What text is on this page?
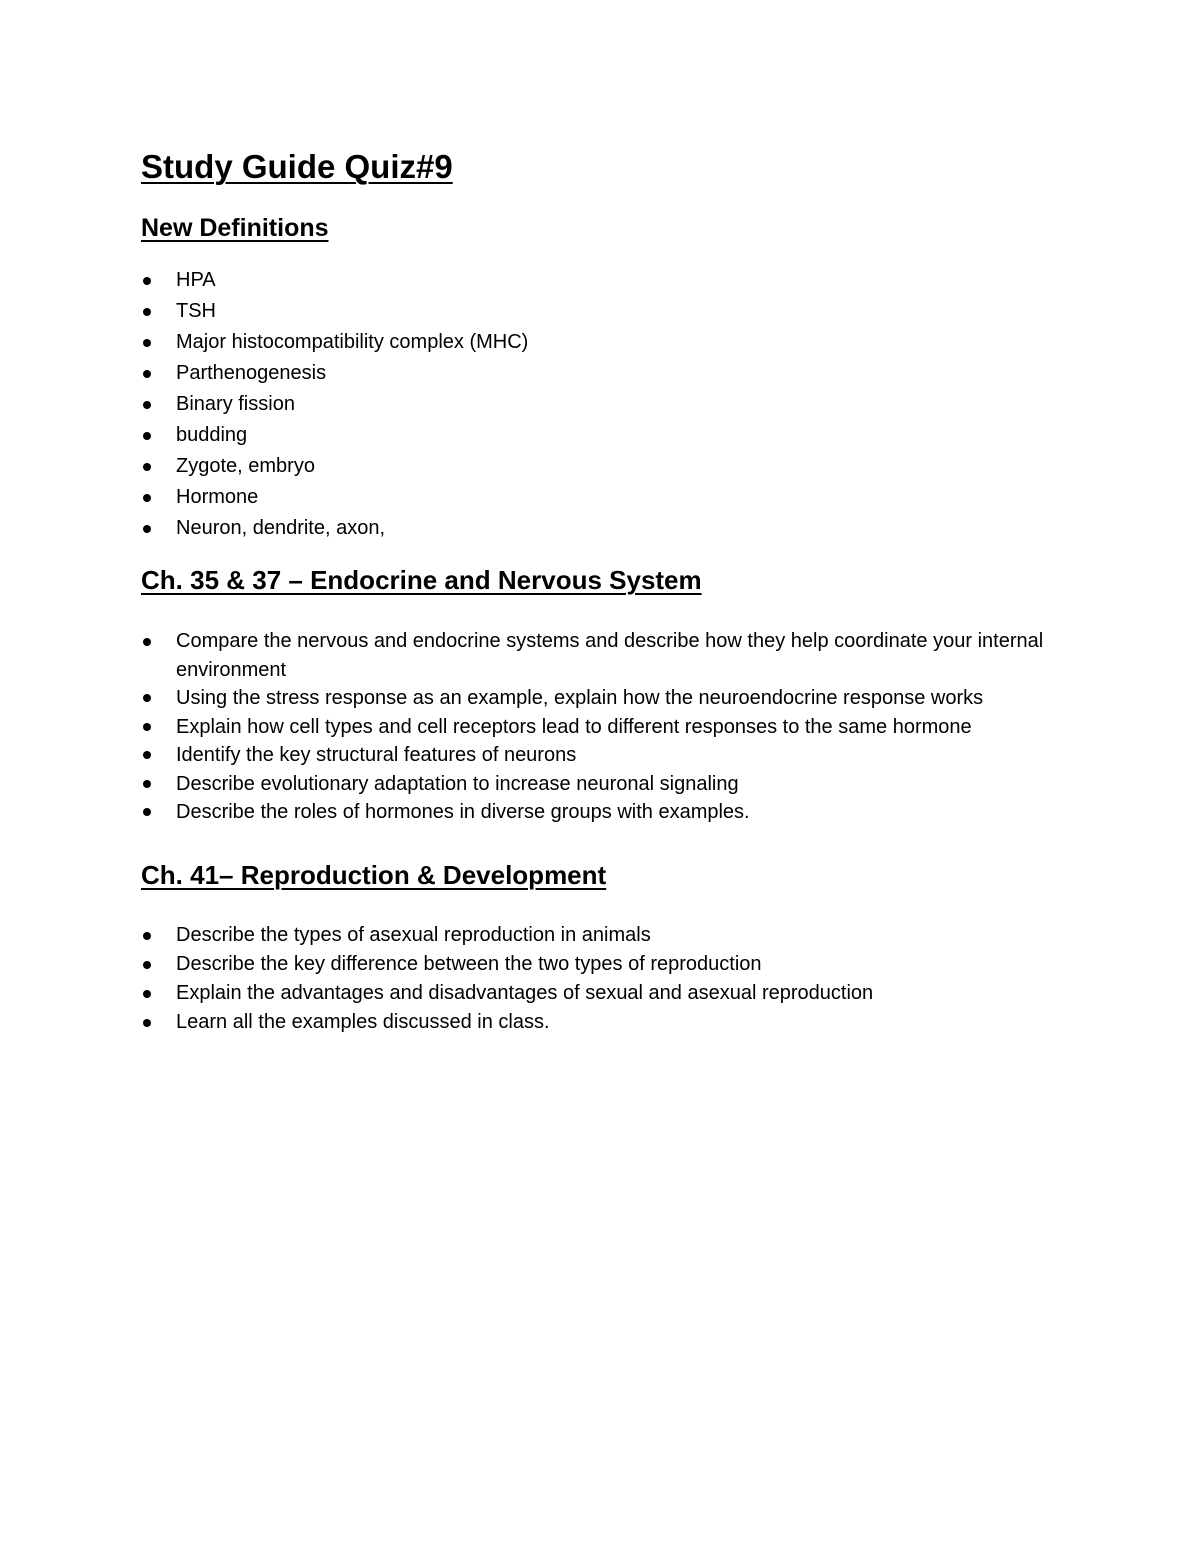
Study Guide Quiz#9
New Definitions
HPA
TSH
Major histocompatibility complex (MHC)
Parthenogenesis
Binary fission
budding
Zygote, embryo
Hormone
Neuron, dendrite, axon,
Ch. 35 & 37 – Endocrine and Nervous System
Compare the nervous and endocrine systems and describe how they help coordinate your internal environment
Using the stress response as an example, explain how the neuroendocrine response works
Explain how cell types and cell receptors lead to different responses to the same hormone
Identify the key structural features of neurons
Describe evolutionary adaptation to increase neuronal signaling
Describe the roles of hormones in diverse groups with examples.
Ch. 41– Reproduction & Development
Describe the types of asexual reproduction in animals
Describe the key difference between the two types of reproduction
Explain the advantages and disadvantages of sexual and asexual reproduction
Learn all the examples discussed in class.
